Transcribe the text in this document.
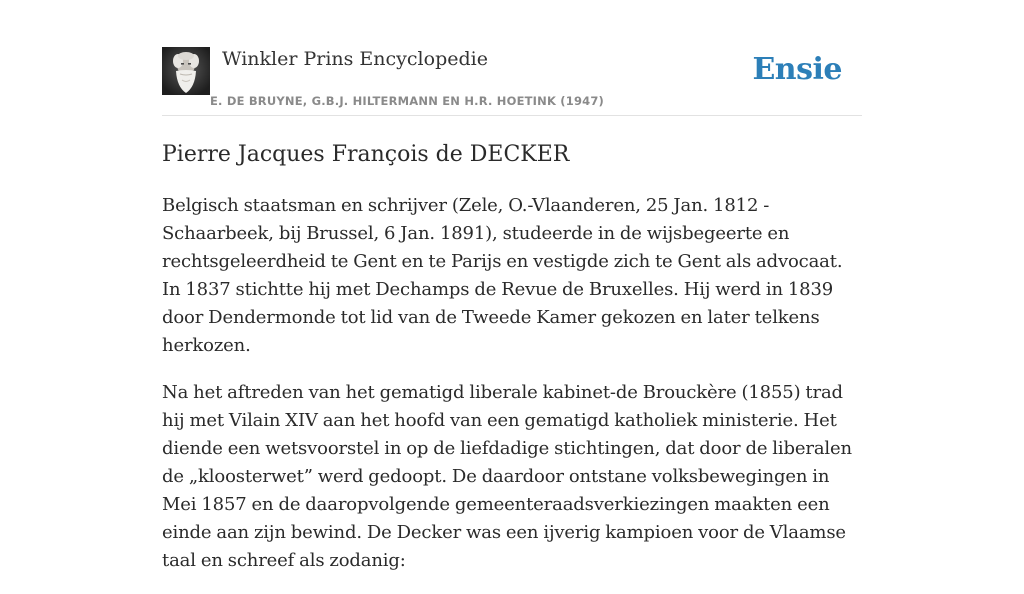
Winkler Prins Encyclopedie
E. DE BRUYNE, G.B.J. HILTERMANN EN H.R. HOETINK (1947)
Ensie
Pierre Jacques François de DECKER

Belgisch staatsman en schrijver (Zele, O.-Vlaanderen, 25 Jan. 1812 - Schaarbeek, bij Brussel, 6 Jan. 1891), studeerde in de wijsbegeerte en rechtsgeleerdheid te Gent en te Parijs en vestigde zich te Gent als advocaat. In 1837 stichtte hij met Dechamps de Revue de Bruxelles. Hij werd in 1839 door Dendermonde tot lid van de Tweede Kamer gekozen en later telkens herkozen.

Na het aftreden van het gematigd liberale kabinet-de Brouckère (1855) trad hij met Vilain XIV aan het hoofd van een gematigd katholiek ministerie. Het diende een wetsvoorstel in op de liefdadige stichtingen, dat door de liberalen de „kloosterwet” werd gedoopt. De daardoor ontstane volksbewegingen in Mei 1857 en de daaropvolgende gemeenteraadsverkiezingen maakten een einde aan zijn bewind. De Decker was een ijverig kampioen voor de Vlaamse taal en schreef als zodanig:
